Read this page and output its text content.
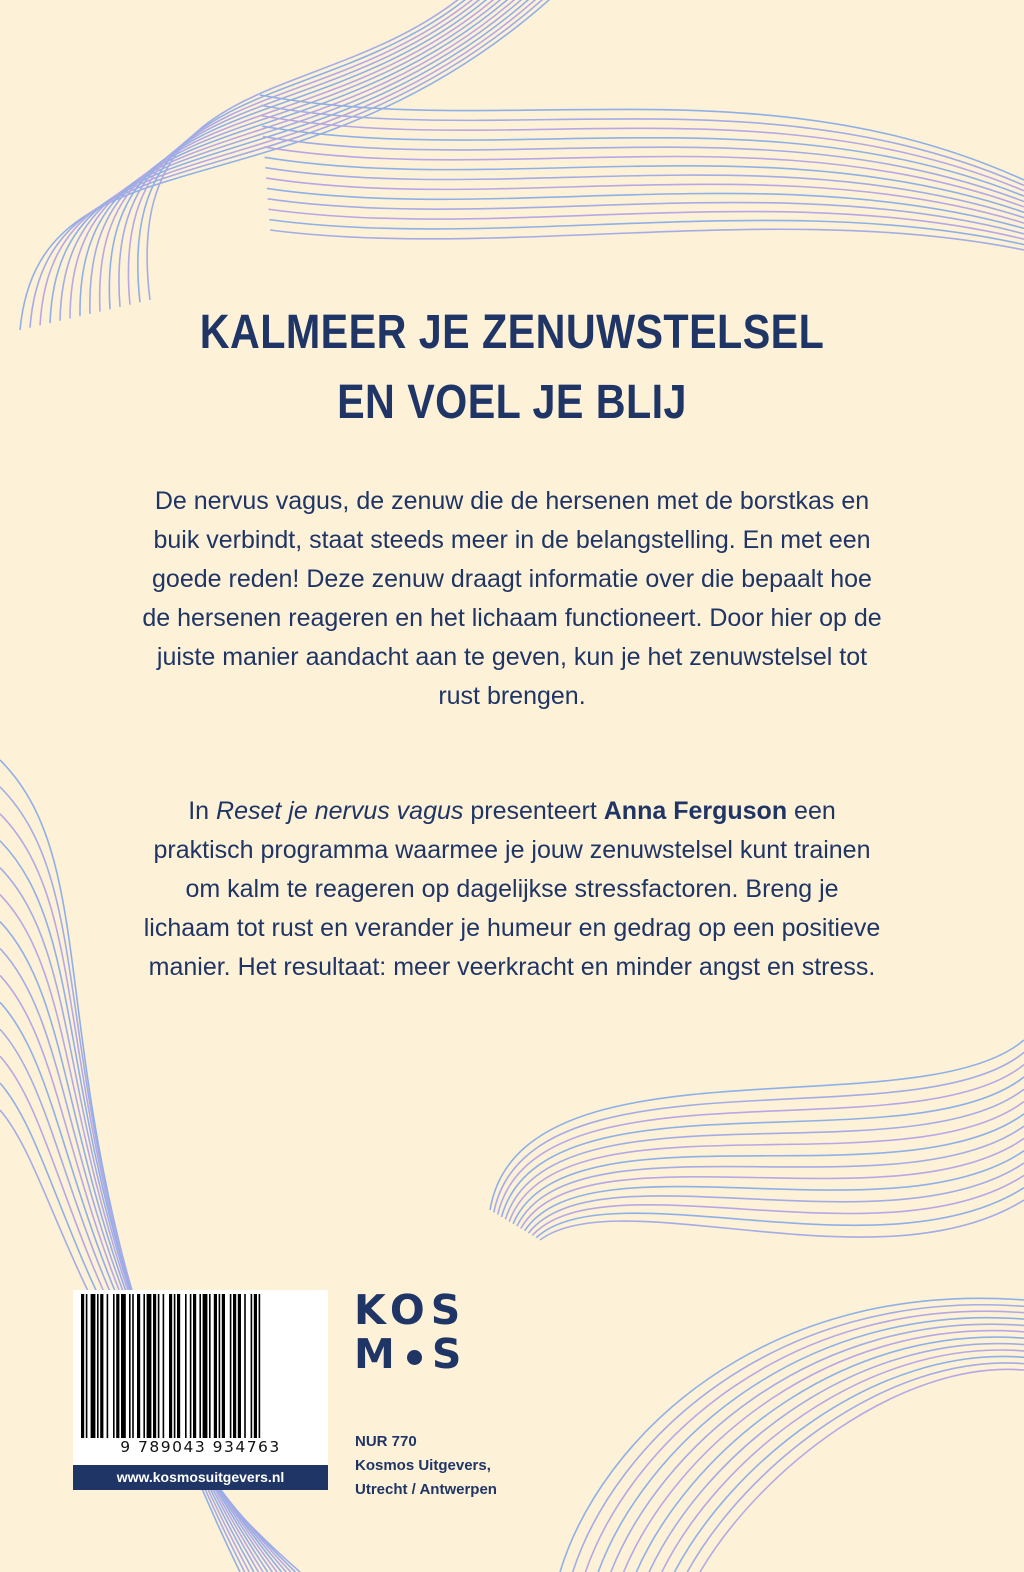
KALMEER JE ZENUWSTELSEL
EN VOEL JE BLIJ
De nervus vagus, de zenuw die de hersenen met de borstkas en buik verbindt, staat steeds meer in de belangstelling. En met een goede reden! Deze zenuw draagt informatie over die bepaalt hoe de hersenen reageren en het lichaam functioneert. Door hier op de juiste manier aandacht aan te geven, kun je het zenuwstelsel tot rust brengen.
In Reset je nervus vagus presenteert Anna Ferguson een praktisch programma waarmee je jouw zenuwstelsel kunt trainen om kalm te reageren op dagelijkse stressfactoren. Breng je lichaam tot rust en verander je humeur en gedrag op een positieve manier. Het resultaat: meer veerkracht en minder angst en stress.
9 789043 934763
www.kosmosuitgevers.nl
KOS
M S
NUR 770
Kosmos Uitgevers,
Utrecht / Antwerpen
